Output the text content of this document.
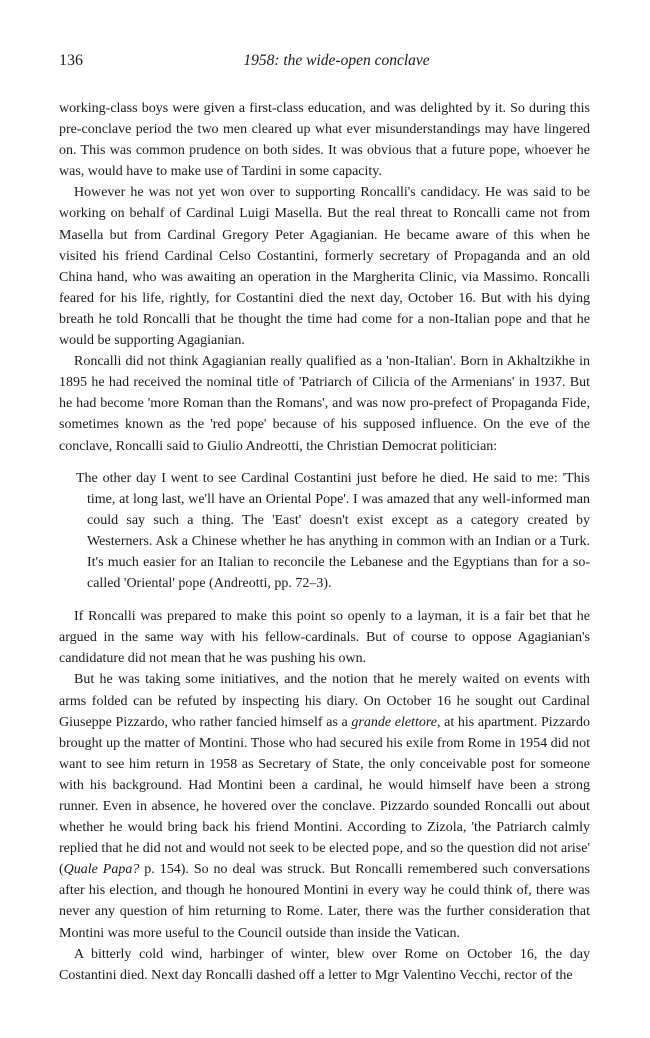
136	1958: the wide-open conclave

working-class boys were given a first-class education, and was delighted by it. So during this pre-conclave period the two men cleared up what ever misunderstandings may have lingered on. This was common prudence on both sides. It was obvious that a future pope, whoever he was, would have to make use of Tardini in some capacity.

However he was not yet won over to supporting Roncalli's candidacy. He was said to be working on behalf of Cardinal Luigi Masella. But the real threat to Roncalli came not from Masella but from Cardinal Gregory Peter Agagianian. He became aware of this when he visited his friend Cardinal Celso Costantini, formerly secretary of Propaganda and an old China hand, who was awaiting an operation in the Margherita Clinic, via Massimo. Roncalli feared for his life, rightly, for Costantini died the next day, October 16. But with his dying breath he told Roncalli that he thought the time had come for a non-Italian pope and that he would be supporting Agagianian.

Roncalli did not think Agagianian really qualified as a 'non-Italian'. Born in Akhaltzikhe in 1895 he had received the nominal title of 'Patriarch of Cilicia of the Armenians' in 1937. But he had become 'more Roman than the Romans', and was now pro-prefect of Propaganda Fide, sometimes known as the 'red pope' because of his supposed influence. On the eve of the conclave, Roncalli said to Giulio Andreotti, the Christian Democrat politician:

The other day I went to see Cardinal Costantini just before he died. He said to me: 'This time, at long last, we'll have an Oriental Pope'. I was amazed that any well-informed man could say such a thing. The 'East' doesn't exist except as a category created by Westerners. Ask a Chinese whether he has anything in common with an Indian or a Turk. It's much easier for an Italian to reconcile the Lebanese and the Egyptians than for a so-called 'Oriental' pope (Andreotti, pp. 72–3).

If Roncalli was prepared to make this point so openly to a layman, it is a fair bet that he argued in the same way with his fellow-cardinals. But of course to oppose Agagianian's candidature did not mean that he was pushing his own.

But he was taking some initiatives, and the notion that he merely waited on events with arms folded can be refuted by inspecting his diary. On October 16 he sought out Cardinal Giuseppe Pizzardo, who rather fancied himself as a grande elettore, at his apartment. Pizzardo brought up the matter of Montini. Those who had secured his exile from Rome in 1954 did not want to see him return in 1958 as Secretary of State, the only conceivable post for someone with his background. Had Montini been a cardinal, he would himself have been a strong runner. Even in absence, he hovered over the conclave. Pizzardo sounded Roncalli out about whether he would bring back his friend Montini. According to Zizola, 'the Patriarch calmly replied that he did not and would not seek to be elected pope, and so the question did not arise' (Quale Papa? p. 154). So no deal was struck. But Roncalli remembered such conversations after his election, and though he honoured Montini in every way he could think of, there was never any question of him returning to Rome. Later, there was the further consideration that Montini was more useful to the Council outside than inside the Vatican.

A bitterly cold wind, harbinger of winter, blew over Rome on October 16, the day Costantini died. Next day Roncalli dashed off a letter to Mgr Valentino Vecchi, rector of the
